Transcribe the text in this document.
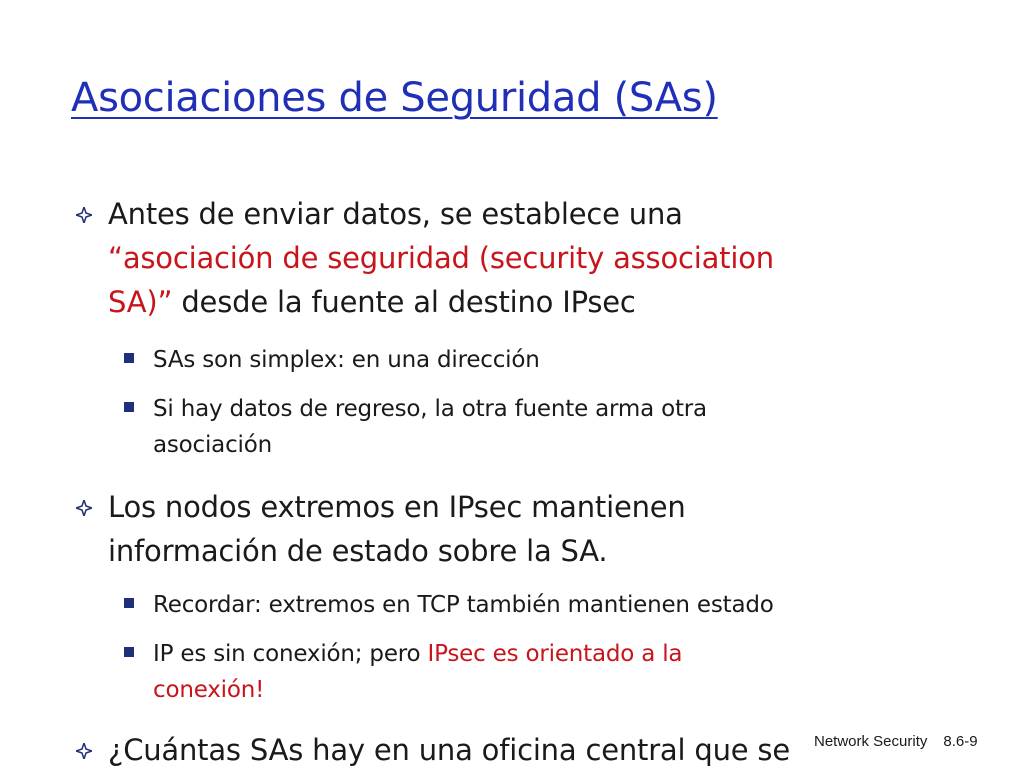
Asociaciones de Seguridad (SAs)
Antes de enviar datos, se establece una
“asociación de seguridad (security association
SA)” desde la fuente al destino IPsec
SAs son simplex: en una dirección
Si hay datos de regreso, la otra fuente arma otra
asociación
Los nodos extremos en IPsec mantienen
información de estado sobre la SA.
Recordar: extremos en TCP también mantienen estado
IP es sin conexión; pero IPsec es orientado a la
conexión!
¿Cuántas SAs hay en una oficina central que se	Network Security 8.6-9
